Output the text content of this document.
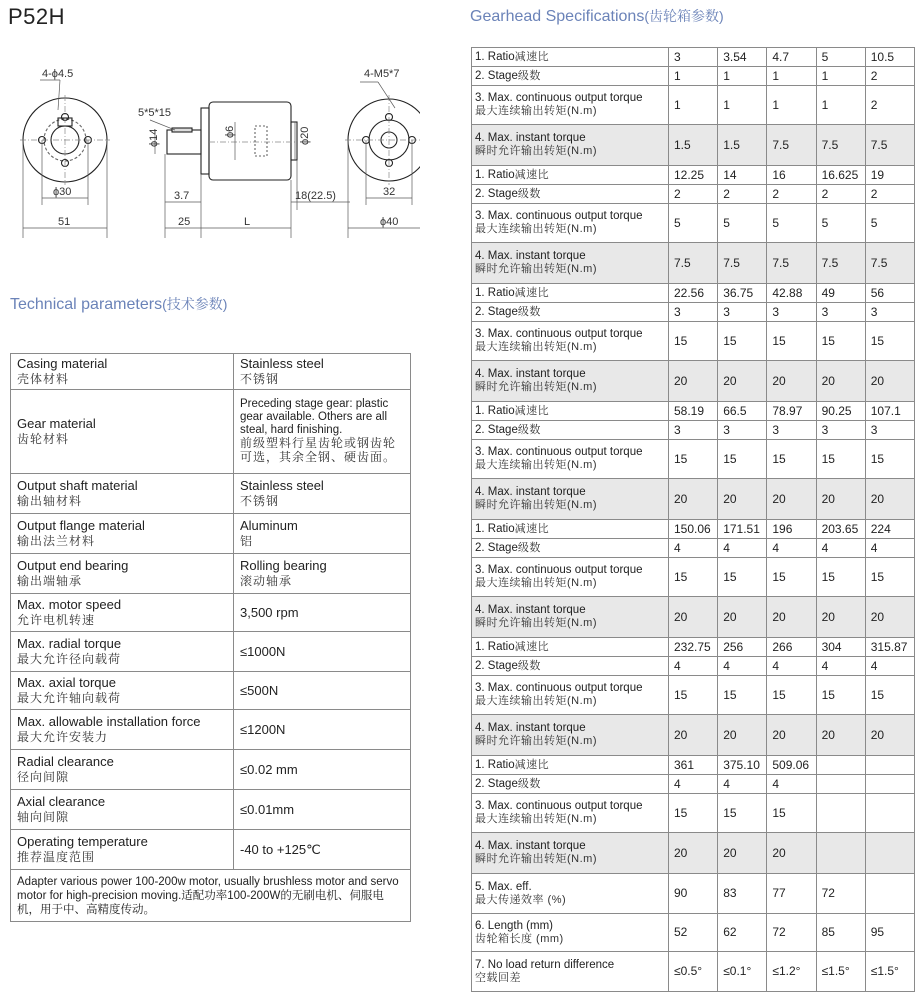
P52H	Gearhead Specifications(齿轮箱参数)
Technical parameters(技术参数)
4-ϕ4.5
ϕ30
51
5*5*15
ϕ14	ϕ6	ϕ20
3.7
25	L
18(22.5)
4-M5*7
32
ϕ40
Casing material
壳体材料	Stainless steel
不锈钢
Gear material
齿轮材料	Preceding stage gear: plastic gear available. Others are all steal, hard finishing.
前级塑料行星齿轮或钢齿轮可选，其余全钢、硬齿面。
Output shaft material
输出轴材料	Stainless steel
不锈钢
Output flange material
输出法兰材料	Aluminum
铝
Output end bearing
输出端轴承	Rolling bearing
滚动轴承
Max. motor speed
允许电机转速	3,500 rpm
Max. radial torque
最大允许径向载荷	≤1000N
Max. axial torque
最大允许轴向载荷	≤500N
Max. allowable installation force
最大允许安装力	≤1200N
Radial clearance
径向间隙	≤0.02 mm
Axial clearance
轴向间隙	≤0.01mm
Operating temperature
推荐温度范围	-40 to +125℃
Adapter various power 100-200w motor, usually brushless motor and servo motor for high-precision moving.适配功率100-200W的无刷电机、伺服电机，用于中、高精度传动。	
1. Ratio减速比	3	3.54	4.7	5	10.5
2. Stage级数	1	1	1	1	2
3. Max. continuous output torque
最大连续输出转矩(N.m)	1	1	1	1	2
4. Max. instant torque
瞬时允许输出转矩(N.m)	1.5	1.5	7.5	7.5	7.5
1. Ratio减速比	12.25	14	16	16.625	19
2. Stage级数	2	2	2	2	2
3. Max. continuous output torque
最大连续输出转矩(N.m)	5	5	5	5	5
4. Max. instant torque
瞬时允许输出转矩(N.m)	7.5	7.5	7.5	7.5	7.5
1. Ratio减速比	22.56	36.75	42.88	49	56
2. Stage级数	3	3	3	3	3
3. Max. continuous output torque
最大连续输出转矩(N.m)	15	15	15	15	15
4. Max. instant torque
瞬时允许输出转矩(N.m)	20	20	20	20	20
1. Ratio减速比	58.19	66.5	78.97	90.25	107.1
2. Stage级数	3	3	3	3	3
3. Max. continuous output torque
最大连续输出转矩(N.m)	15	15	15	15	15
4. Max. instant torque
瞬时允许输出转矩(N.m)	20	20	20	20	20
1. Ratio减速比	150.06	171.51	196	203.65	224
2. Stage级数	4	4	4	4	4
3. Max. continuous output torque
最大连续输出转矩(N.m)	15	15	15	15	15
4. Max. instant torque
瞬时允许输出转矩(N.m)	20	20	20	20	20
1. Ratio减速比	232.75	256	266	304	315.87
2. Stage级数	4	4	4	4	4
3. Max. continuous output torque
最大连续输出转矩(N.m)	15	15	15	15	15
4. Max. instant torque
瞬时允许输出转矩(N.m)	20	20	20	20	20
1. Ratio减速比	361	375.10	509.06		
2. Stage级数	4	4	4		
3. Max. continuous output torque
最大连续输出转矩(N.m)	15	15	15		
4. Max. instant torque
瞬时允许输出转矩(N.m)	20	20	20		
5. Max. eff.
最大传递效率 (%)	90	83	77	72	
6. Length (mm)
齿轮箱长度 (mm)	52	62	72	85	95
7. No load return difference
空载回差	≤0.5°	≤0.1°	≤1.2°	≤1.5°	≤1.5°
